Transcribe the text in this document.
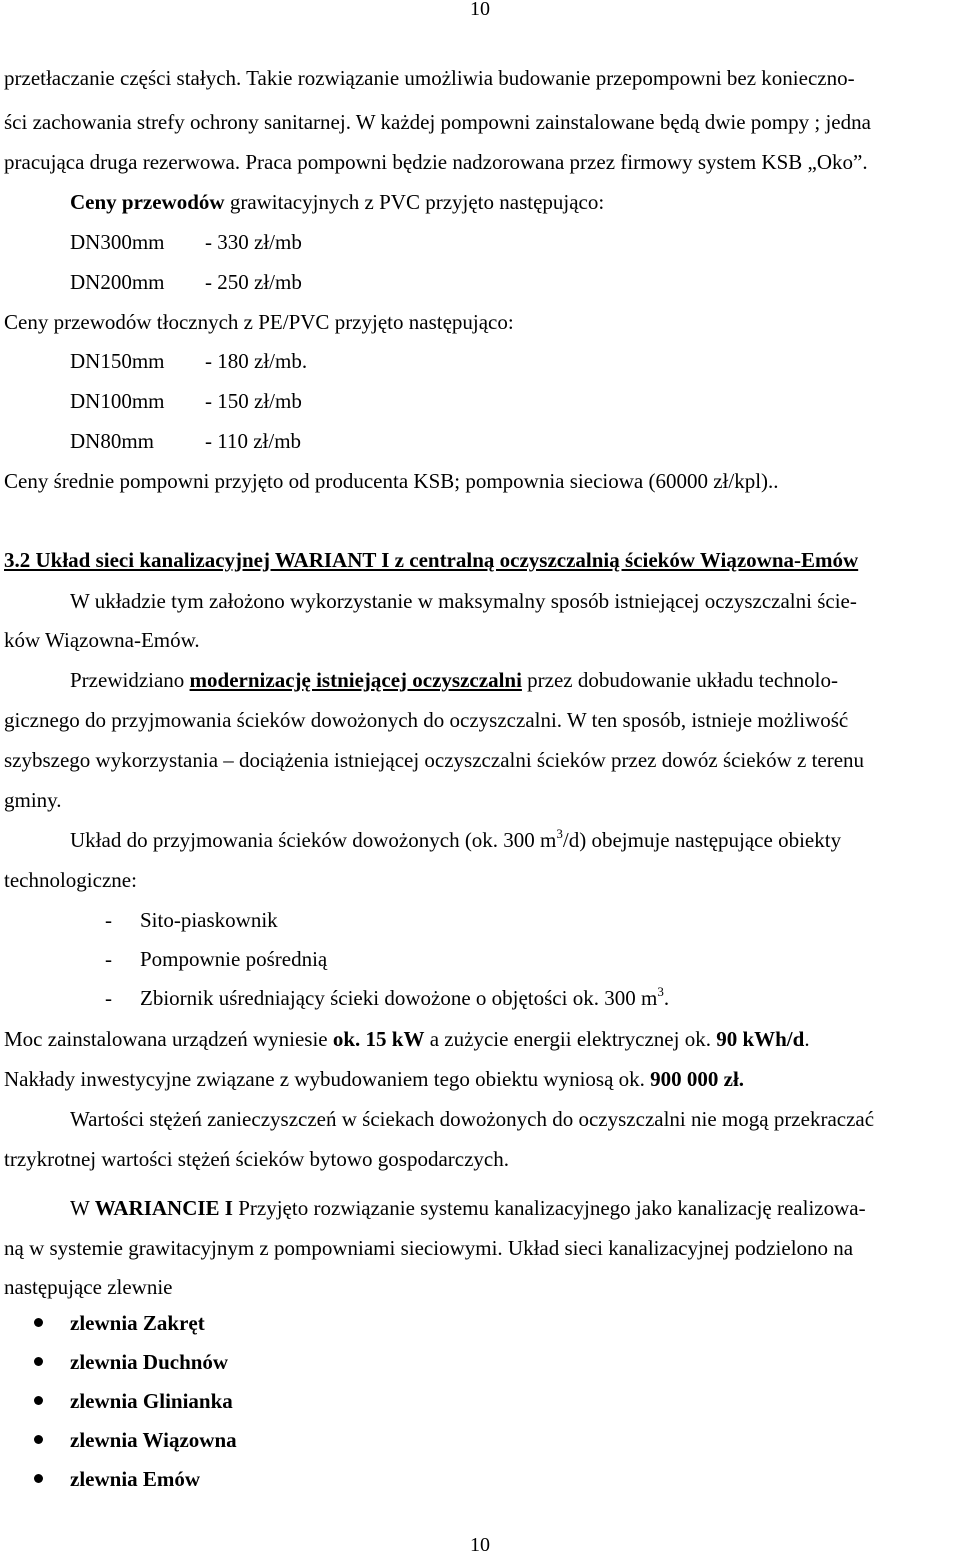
10
przetłaczanie części stałych. Takie rozwiązanie umożliwia budowanie przepompowni bez konieczno-
ści zachowania strefy ochrony sanitarnej. W każdej pompowni zainstalowane będą dwie pompy ; jedna
pracująca druga rezerwowa. Praca pompowni będzie nadzorowana przez firmowy system KSB „Oko”.
Ceny przewodów grawitacyjnych z PVC przyjęto następująco:
DN300mm - 330 zł/mb
DN200mm - 250 zł/mb
Ceny przewodów tłocznych z PE/PVC przyjęto następująco:
DN150mm - 180 zł/mb.
DN100mm - 150 zł/mb
DN80mm - 110 zł/mb
Ceny średnie pompowni przyjęto od producenta KSB; pompownia sieciowa (60000 zł/kpl)..
3.2 Układ sieci kanalizacyjnej WARIANT I z centralną oczyszczalnią ścieków Wiązowna-Emów
W układzie tym założono wykorzystanie w maksymalny sposób istniejącej oczyszczalni ście-
ków Wiązowna-Emów.
Przewidziano modernizację istniejącej oczyszczalni przez dobudowanie układu technolo-
gicznego do przyjmowania ścieków dowożonych do oczyszczalni. W ten sposób, istnieje możliwość
szybszego wykorzystania – dociążenia istniejącej oczyszczalni ścieków przez dowóz ścieków z terenu
gminy.
Układ do przyjmowania ścieków dowożonych (ok. 300 $m^3/d$) obejmuje następujące obiekty
technologiczne:
- Sito-piaskownik
- Pompownie pośrednią
- Zbiornik uśredniający ścieki dowożone o objętości ok. 300 $m^3$.
Moc zainstalowana urządzeń wyniesie ok. 15 kW a zużycie energii elektrycznej ok. 90 kWh/d.
Nakłady inwestycyjne związane z wybudowaniem tego obiektu wyniosą ok. 900 000 zł.
Wartości stężeń zanieczyszczeń w ściekach dowożonych do oczyszczalni nie mogą przekraczać
trzykrotnej wartości stężeń ścieków bytowo gospodarczych.
W WARIANCIE I Przyjęto rozwiązanie systemu kanalizacyjnego jako kanalizację realizowa-
ną w systemie grawitacyjnym z pompowniami sieciowymi. Układ sieci kanalizacyjnej podzielono na
następujące zlewnie
zlewnia Zakręt
zlewnia Duchnów
zlewnia Glinianka
zlewnia Wiązowna
zlewnia Emów
10
